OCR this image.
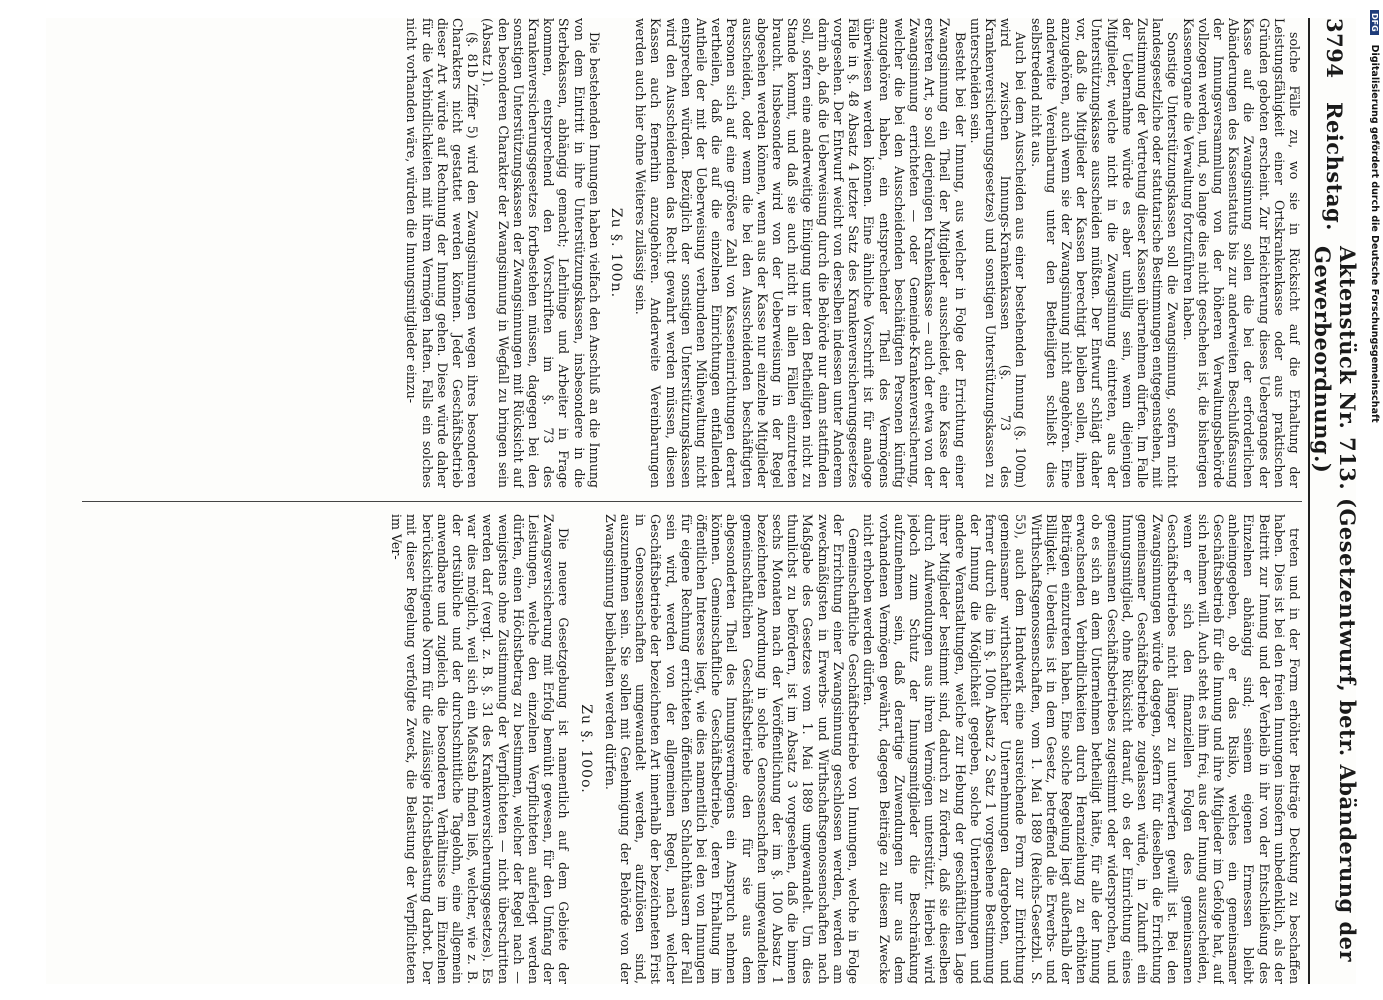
3794
Reichstag.
Aktenstück Nr. 713. (Gesetzentwurf, betr. Abänderung der Gewerbeordnung.)

solche Fälle zu, wo sie in Rücksicht auf die Erhaltung der Leistungsfähigkeit einer Ortskrankenkasse oder aus praktischen Gründen geboten erscheint. Zur Erleichterung dieses Ueberganges der Kasse auf die Zwangsinnung sollen die bei der erforderlichen Abänderungen des Kassenstatuts bis zur anderweiten Beschlußfassung der Innungsversammlung von der höheren Verwaltungsbehörde vollzogen werden, und, so lange dies nicht geschehen ist, die bisherigen Kassenorgane die Verwaltung fortzuführen haben.

Sonstige Unterstützungskassen soll die Zwangsinnung, sofern nicht landesgesetzliche oder statutarische Bestimmungen entgegenstehen, mit Zustimmung der Vertretung dieser Kassen übernehmen dürfen. Im Falle der Uebernahme würde es aber unbillig sein, wenn diejenigen Mitglieder, welche nicht in die Zwangsinnung eintreten, aus der Unterstützungskasse ausscheiden müßten. Der Entwurf schlägt daher vor, daß die Mitglieder der Kassen berechtigt bleiben sollen, ihnen anzugehören, auch wenn sie der Zwangsinnung nicht angehören. Eine anderweite Vereinbarung unter den Betheiligten schließt dies selbstredend nicht aus.

Auch bei dem Ausscheiden aus einer bestehenden Innung (§. 100m) wird zwischen Innungs-Krankenkassen (§. 73 des Krankenversicherungsgesetzes) und sonstigen Unterstützungskassen zu unterscheiden sein.

Besteht bei der Innung, aus welcher in Folge der Errichtung einer Zwangsinnung ein Theil der Mitglieder ausscheidet, eine Kasse der ersteren Art, so soll derjenigen Krankenkasse — auch der etwa von der Zwangsinnung errichteten — oder Gemeinde-Krankenversicherung, welcher die bei den Ausscheidenden beschäftigten Personen künftig anzugehören haben, ein entsprechender Theil des Vermögens überwiesen werden können. Eine ähnliche Vorschrift ist für analoge Fälle in §. 48 Absatz 4 letzter Satz des Krankenversicherungsgesetzes vorgesehen. Der Entwurf weicht von derselben indessen unter Anderem darin ab, daß die Ueberweisung durch die Behörde nur dann stattfinden soll, sofern eine anderweitige Einigung unter den Betheiligten nicht zu Stande kommt, und daß sie auch nicht in allen Fällen einzutreten braucht. Insbesondere wird von der Ueberweisung in der Regel abgesehen werden können, wenn aus der Kasse nur einzelne Mitglieder ausscheiden, oder wenn die bei den Ausscheidenden beschäftigten Personen sich auf eine größere Zahl von Kasseneinrichtungen derart vertheilen, daß die auf die einzelnen Einrichtungen entfallenden Antheile der mit der Ueberweisung verbundenen Mühewaltung nicht entsprechen würden. Bezüglich der sonstigen Unterstützungskassen wird den Ausscheidenden das Recht gewahrt werden müssen, diesen Kassen auch fernerhin anzugehören. Anderweite Vereinbarungen werden auch hier ohne Weiteres zulässig sein.

Zu §. 100n.

Die bestehenden Innungen haben vielfach den Anschluß an die Innung von dem Eintritt in ihre Unterstützungskassen, insbesondere in die Sterbekassen, abhängig gemacht; Lehrlinge und Arbeiter in Frage kommen, entsprechend den Vorschriften im §. 73 des Krankenversicherungsgesetzes fortbestehen müssen, dagegen bei den sonstigen Unterstützungskassen der Zwangsinnungen mit Rücksicht auf den besonderen Charakter der Zwangsinnung in Wegfall zu bringen sein (Absatz 1).

(§. 81b Ziffer 5) wird den Zwangsinnungen wegen ihres besonderen Charakters nicht gestattet werden können. Jeder Geschäftsbetrieb dieser Art würde auf Rechnung der Innung gehen. Diese würde daher für die Verbindlichkeiten mit ihrem Vermögen haften. Falls ein solches nicht vorhanden wäre, würden die Innungsmitglieder einzu-

treten und in der Form erhöhter Beiträge Deckung zu beschaffen haben. Dies ist bei den freien Innungen insofern unbedenklich, als der Beitritt zur Innung und der Verbleib in ihr von der Entschließung des Einzelnen abhängig sind; seinem eigenen Ermessen bleibt anheimgegeben, ob er das Risiko, welches ein gemeinsamer Geschäftsbetrieb für die Innung und ihre Mitglieder im Gefolge hat, auf sich nehmen will. Auch steht es ihm frei, aus der Innung auszuscheiden, wenn er sich den finanziellen Folgen des gemeinsamen Geschäftsbetriebes nicht länger zu unterwerfen gewillt ist. Bei den Zwangsinnungen würde dagegen, sofern für dieselben die Errichtung gemeinsamer Geschäftsbetriebe zugelassen würde, in Zukunft ein Innungsmitglied, ohne Rücksicht darauf, ob es der Einrichtung eines gemeinsamen Geschäftsbetriebes zugestimmt oder widersprochen, und ob es sich an dem Unternehmen betheiligt hätte, für alle der Innung erwachsenden Verbindlichkeiten durch Heranziehung zu erhöhten Beiträgen einzutreten haben. Eine solche Regelung liegt außerhalb der Billigkeit. Ueberdies ist in dem Gesetz, betreffend die Erwerbs- und Wirthschaftsgenossenschaften, vom 1. Mai 1889 (Reichs-Gesetzbl. S. 55), auch dem Handwerk eine ausreichende Form zur Einrichtung gemeinsamer wirthschaftlicher Unternehmungen dargeboten, und ferner durch die im §. 100n Absatz 2 Satz 1 vorgesehene Bestimmung der Innung die Möglichkeit gegeben, solche Unternehmungen und andere Veranstaltungen, welche zur Hebung der geschäftlichen Lage ihrer Mitglieder bestimmt sind, dadurch zu fördern, daß sie dieselben durch Aufwendungen aus ihrem Vermögen unterstützt. Hierbei wird jedoch zum Schutz der Innungsmitglieder die Beschränkung aufzunehmen sein, daß derartige Zuwendungen nur aus dem vorhandenen Vermögen gewährt, dagegen Beiträge zu diesem Zwecke nicht erhoben werden dürfen.

Gemeinschaftliche Geschäftsbetriebe von Innungen, welche in Folge der Errichtung einer Zwangsinnung geschlossen werden, werden am zweckmäßigsten in Erwerbs- und Wirthschaftsgenossenschaften nach Maßgabe des Gesetzes vom 1. Mai 1889 umgewandelt. Um dies thunlichst zu befördern, ist im Absatz 3 vorgesehen, daß die binnen sechs Monaten nach der Veröffentlichung der im §. 100 Absatz 1 bezeichneten Anordnung in solche Genossenschaften umgewandelten gemeinschaftlichen Geschäftsbetriebe den für sie aus dem abgesonderten Theil des Innungsvermögens ein Anspruch nehmen können. Gemeinschaftliche Geschäftsbetriebe, deren Erhaltung im öffentlichen Interesse liegt, wie dies namentlich bei den von Innungen für eigene Rechnung errichteten öffentlichen Schlachthäusern der Fall sein wird, werden von der allgemeinen Regel, nach welcher Geschäftsbetriebe der bezeichneten Art innerhalb der bezeichneten Frist in Genossenschaften umgewandelt werden, aufzulösen sind, auszunehmen sein. Sie sollen mit Genehmigung der Behörde von der Zwangsinnung beibehalten werden dürfen.

Zu §. 100o.

Die neuere Gesetzgebung ist namentlich auf dem Gebiete der Zwangsversicherung mit Erfolg bemüht gewesen, für den Umfang der Leistungen, welche den einzelnen Verpflichteten auferlegt werden dürfen, einen Höchstbetrag zu bestimmen, welcher der Regel nach — wenigstens ohne Zustimmung der Verpflichteten — nicht überschritten werden darf (vergl. z. B. §. 31 des Krankenversicherungsgesetzes). Es war dies möglich, weil sich ein Maßstab finden ließ, welcher, wie z. B. der ortsübliche und der durchschnittliche Tagelohn, eine allgemein anwendbare und zugleich die besonderen Verhältnisse im Einzelnen berücksichtigende Norm für die zulässige Höchstbelastung darbot. Der mit dieser Regelung verfolgte Zweck, die Belastung der Verpflichteten im Ver-

DFGDigitalisierung gefördert durch die Deutsche Forschungsgemeinschaft
